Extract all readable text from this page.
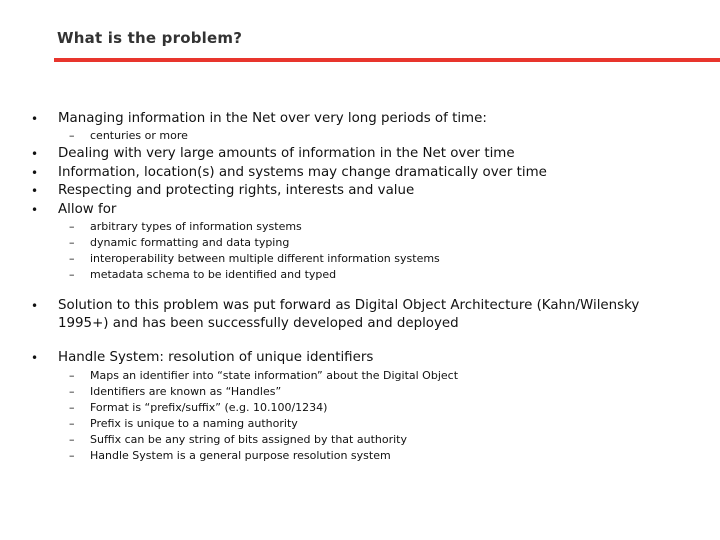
What is the problem?
• Managing information in the Net over very long periods of time:
– centuries or more
• Dealing with very large amounts of information in the Net over time
• Information, location(s) and systems may change dramatically over time
• Respecting and protecting rights, interests and value
• Allow for
– arbitrary types of information systems
– dynamic formatting and data typing
– interoperability between multiple different information systems
– metadata schema to be identified and typed
• Solution to this problem was put forward as Digital Object Architecture (Kahn/Wilensky
1995+) and has been successfully developed and deployed
• Handle System: resolution of unique identifiers
– Maps an identifier into “state information” about the Digital Object
– Identifiers are known as “Handles”
– Format is “prefix/suffix” (e.g. 10.100/1234)
– Prefix is unique to a naming authority
– Suffix can be any string of bits assigned by that authority
– Handle System is a general purpose resolution system
